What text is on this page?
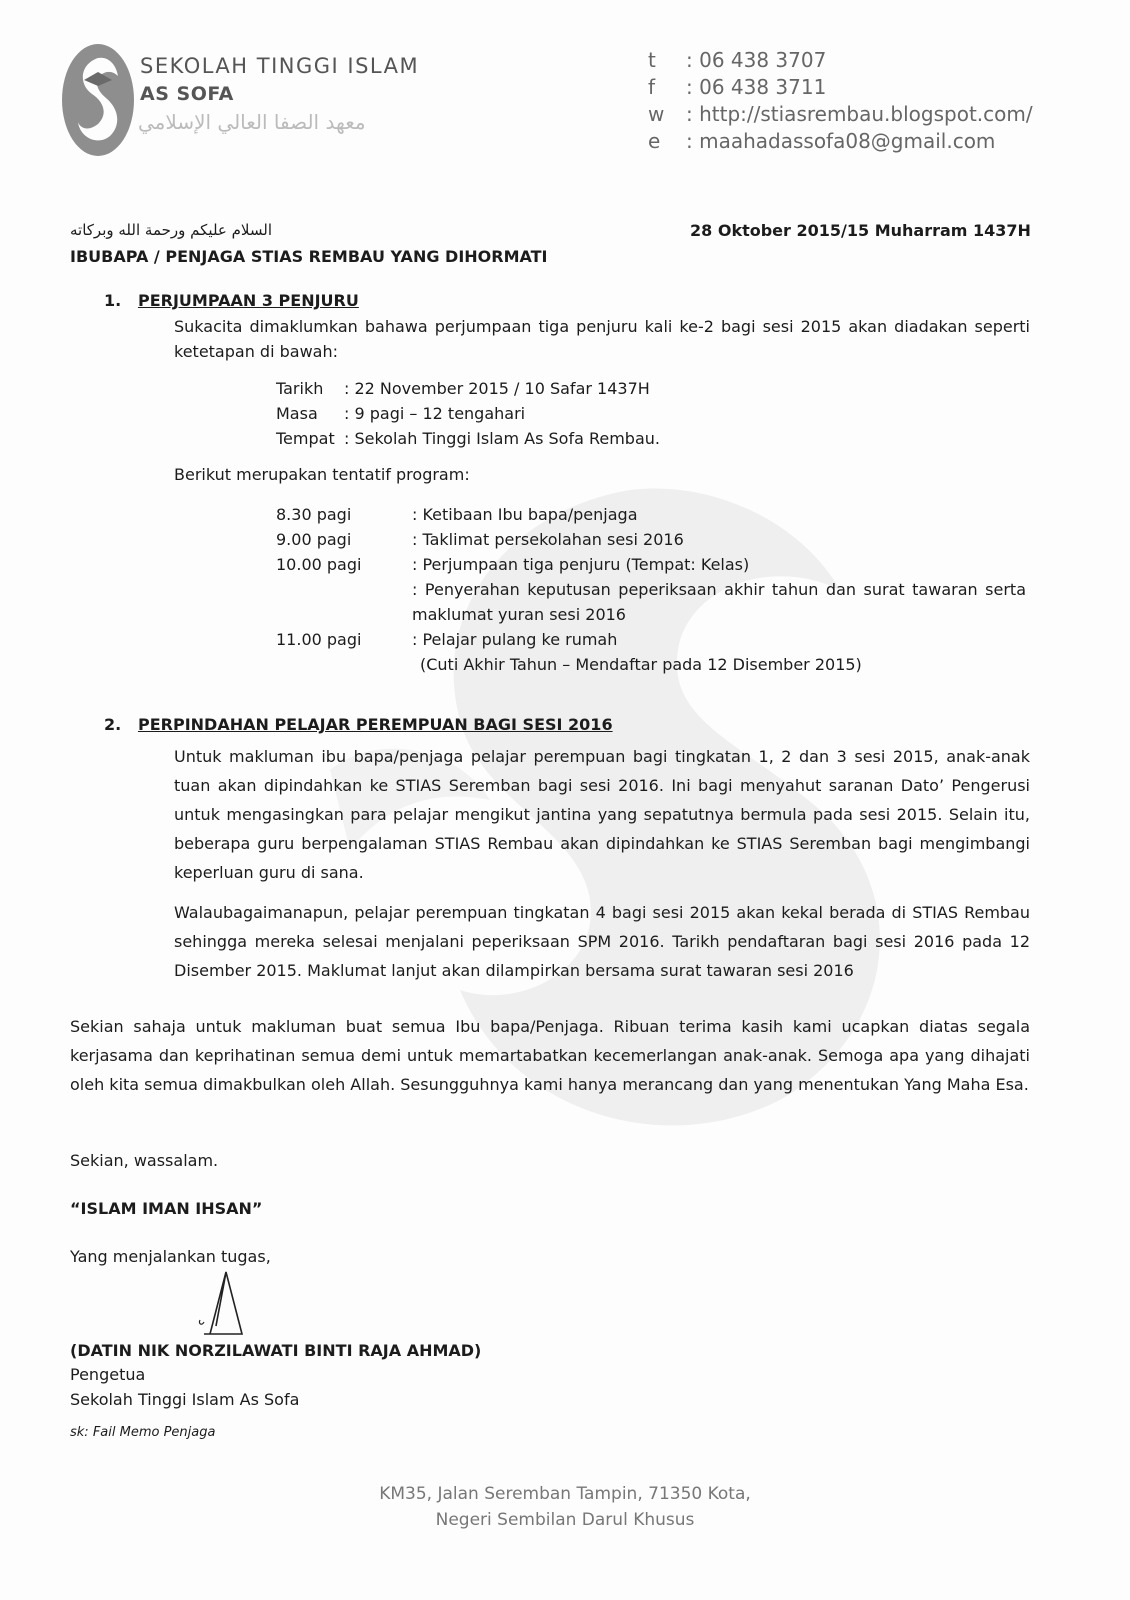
SEKOLAH TINGGI ISLAM
AS SOFA
معهد الصفا العالي الإسلامي
t	: 06 438 3707
f	: 06 438 3711
w	: http://stiasrembau.blogspot.com/
e	: maahadassofa08@gmail.com
السلام عليكم ورحمة الله وبركاته	28 Oktober 2015/15 Muharram 1437H
IBUBAPA / PENJAGA STIAS REMBAU YANG DIHORMATI
1. PERJUMPAAN 3 PENJURU
Sukacita dimaklumkan bahawa perjumpaan tiga penjuru kali ke-2 bagi sesi 2015 akan diadakan seperti ketetapan di bawah:
Tarikh	: 22 November 2015 / 10 Safar 1437H
Masa	: 9 pagi – 12 tengahari
Tempat : Sekolah Tinggi Islam As Sofa Rembau.
Berikut merupakan tentatif program:
8.30 pagi	: Ketibaan Ibu bapa/penjaga
9.00 pagi	: Taklimat persekolahan sesi 2016
10.00 pagi	: Perjumpaan tiga penjuru (Tempat: Kelas)
: Penyerahan keputusan peperiksaan akhir tahun dan surat tawaran serta maklumat yuran sesi 2016
11.00 pagi	: Pelajar pulang ke rumah
(Cuti Akhir Tahun – Mendaftar pada 12 Disember 2015)
2. PERPINDAHAN PELAJAR PEREMPUAN BAGI SESI 2016
Untuk makluman ibu bapa/penjaga pelajar perempuan bagi tingkatan 1, 2 dan 3 sesi 2015, anak-anak tuan akan dipindahkan ke STIAS Seremban bagi sesi 2016. Ini bagi menyahut saranan Dato’ Pengerusi untuk mengasingkan para pelajar mengikut jantina yang sepatutnya bermula pada sesi 2015. Selain itu, beberapa guru berpengalaman STIAS Rembau akan dipindahkan ke STIAS Seremban bagi mengimbangi keperluan guru di sana.
Walaubagaimanapun, pelajar perempuan tingkatan 4 bagi sesi 2015 akan kekal berada di STIAS Rembau sehingga mereka selesai menjalani peperiksaan SPM 2016. Tarikh pendaftaran bagi sesi 2016 pada 12 Disember 2015. Maklumat lanjut akan dilampirkan bersama surat tawaran sesi 2016
Sekian sahaja untuk makluman buat semua Ibu bapa/Penjaga. Ribuan terima kasih kami ucapkan diatas segala kerjasama dan keprihatinan semua demi untuk memartabatkan kecemerlangan anak-anak. Semoga apa yang dihajati oleh kita semua dimakbulkan oleh Allah. Sesungguhnya kami hanya merancang dan yang menentukan Yang Maha Esa.
Sekian, wassalam.
“ISLAM IMAN IHSAN”
Yang menjalankan tugas,
(DATIN NIK NORZILAWATI BINTI RAJA AHMAD)
Pengetua
Sekolah Tinggi Islam As Sofa
sk: Fail Memo Penjaga
KM35, Jalan Seremban Tampin, 71350 Kota,
Negeri Sembilan Darul Khusus
